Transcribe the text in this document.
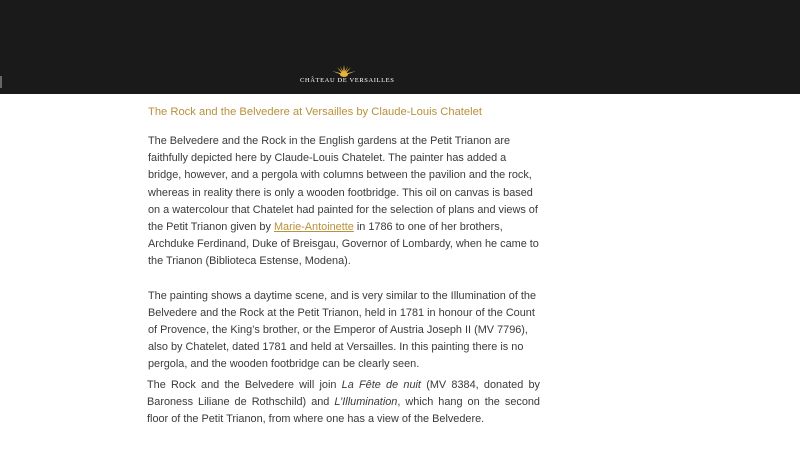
CHÂTEAU DE VERSAILLES
The Rock and the Belvedere at Versailles by Claude-Louis Chatelet

The Belvedere and the Rock in the English gardens at the Petit Trianon are faithfully depicted here by Claude-Louis Chatelet. The painter has added a bridge, however, and a pergola with columns between the pavilion and the rock, whereas in reality there is only a wooden footbridge. This oil on canvas is based on a watercolour that Chatelet had painted for the selection of plans and views of the Petit Trianon given by Marie-Antoinette in 1786 to one of her brothers, Archduke Ferdinand, Duke of Breisgau, Governor of Lombardy, when he came to the Trianon (Biblioteca Estense, Modena).

The painting shows a daytime scene, and is very similar to the Illumination of the Belvedere and the Rock at the Petit Trianon, held in 1781 in honour of the Count of Provence, the King’s brother, or the Emperor of Austria Joseph II (MV 7796), also by Chatelet, dated 1781 and held at Versailles. In this painting there is no pergola, and the wooden footbridge can be clearly seen.

The Rock and the Belvedere will join La Fête de nuit (MV 8384, donated by Baroness Liliane de Rothschild) and L’Illumination, which hang on the second floor of the Petit Trianon, from where one has a view of the Belvedere.
